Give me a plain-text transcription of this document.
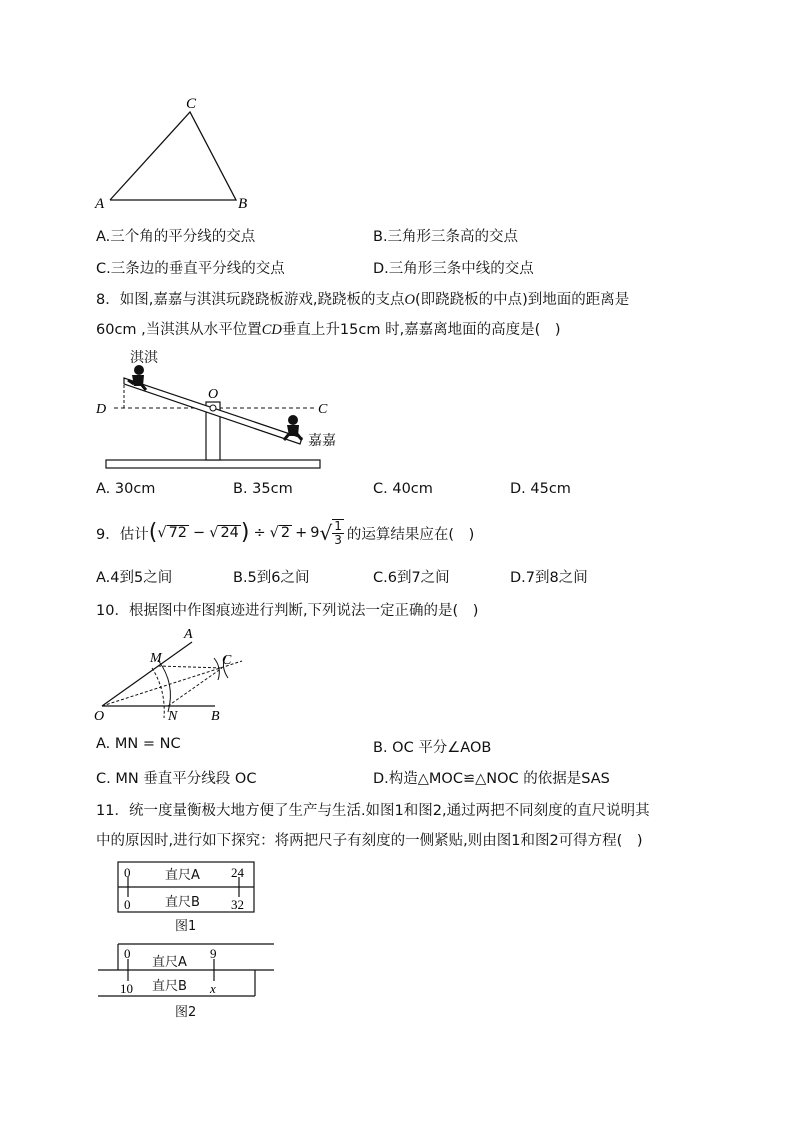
C
A	B
A.三个角的平分线的交点	B.三角形三条高的交点
C.三条边的垂直平分线的交点	D.三角形三条中线的交点
8．如图,嘉嘉与淇淇玩跷跷板游戏,跷跷板的支点O(即跷跷板的中点)到地面的距离是
60cm ,当淇淇从水平位置CD垂直上升15cm 时,嘉嘉离地面的高度是(　)
O
D	C
淇淇
嘉嘉
A. 30cm	B. 35cm	C. 40cm	D. 45cm
9．估计 ( √ 72 − √ 24 ) ÷ √ 2 + 9 √ $\frac{1}{3}$ 的运算结果应在(　)
A.4到5之间	B.5到6之间	C.6到7之间	D.7到8之间
10．根据图中作图痕迹进行判断,下列说法一定正确的是(　)
A
M	C
O	N B
A. MN = NC	B. OC 平分∠AOB
C. MN 垂直平分线段 OC	D.构造△MOC≌△NOC 的依据是SAS
11．统一度量衡极大地方便了生产与生活.如图1和图2,通过两把不同刻度的直尺说明其
中的原因时,进行如下探究：将两把尺子有刻度的一侧紧贴,则由图1和图2可得方程(　)
0	24
0	32
直尺A
直尺B
图1
0	9
10	x
直尺A
直尺B
图2
